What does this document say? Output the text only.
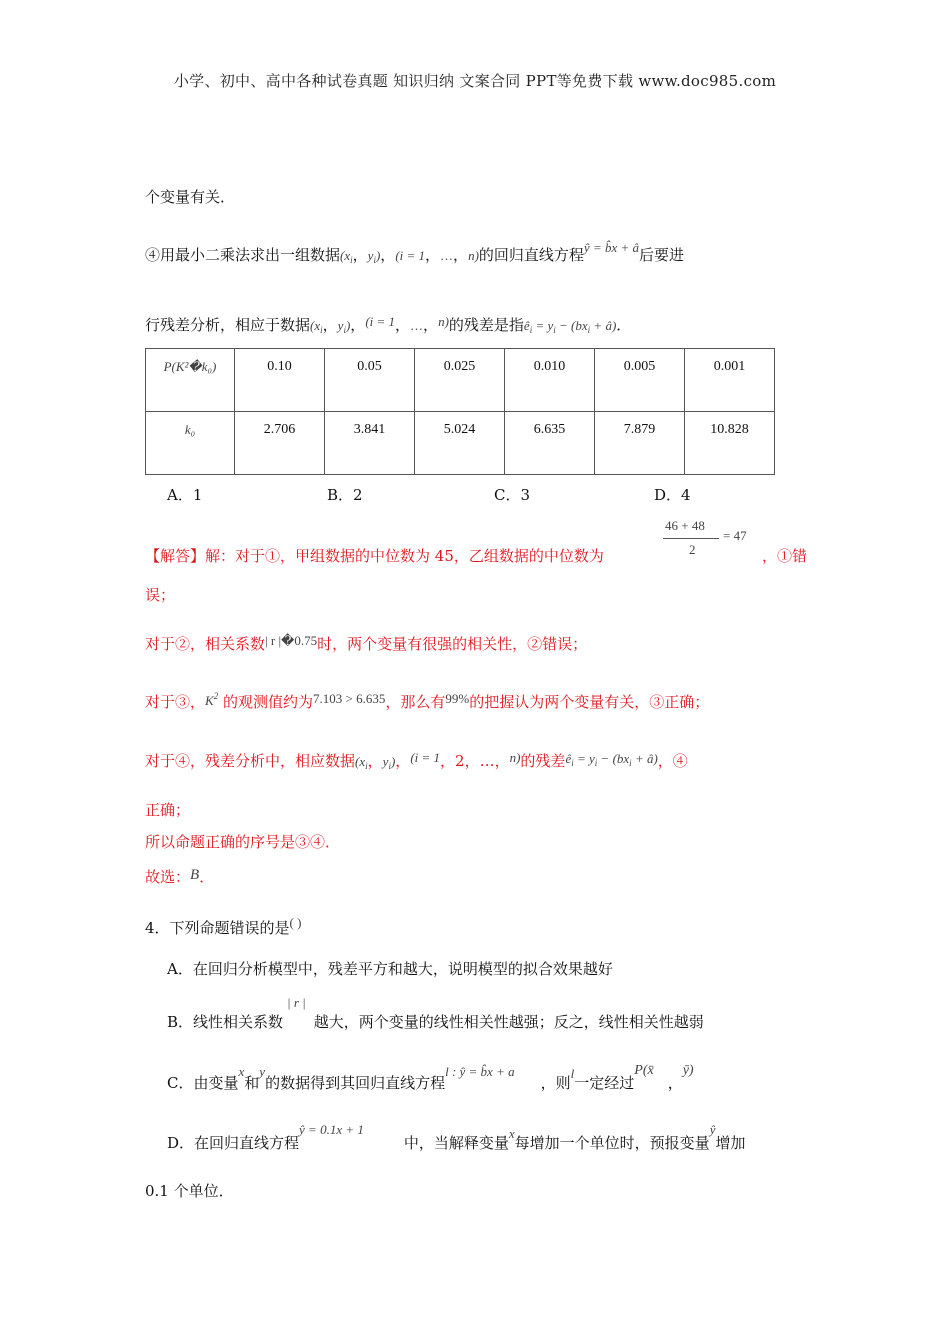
小学、初中、高中各种试卷真题 知识归纳 文案合同 PPT等免费下载 www.doc985.com
个变量有关．
④用最小二乘法求出一组数据($x_i$，$y_i$)，(i = 1，…，n)的回归直线方程ŷ = b̂x + â后要进
行残差分析，相应于数据($x_i$，$y_i$)，(i = 1，…，n)的残差是指$ê_i = y_i - (bx_i$ + â)．
P(K²�k₀)	0.10	0.05	0.025	0.010	0.005	0.001
k₀	2.706	3.841	5.024	6.635	7.879	10.828
A．1	B．2	C．3	D．4
【解答】解：对于①，甲组数据的中位数为 45，乙组数据的中位数为
46 + 48
2
= 47
，①错
误；
对于②，相关系数| r |�0.75时，两个变量有很强的相关性，②错误；
对于③，$K^2$ 的观测值约为7.103 > 6.635，那么有99%的把握认为两个变量有关，③正确；
对于④，残差分析中，相应数据($x_i$，$y_i$)，(i = 1，2，…，n)的残差$ê_i = y_i - (bx_i$ + â)，④
正确；
所以命题正确的序号是③④．
故选：B．
4．下列命题错误的是( )
A．在回归分析模型中，残差平方和越大，说明模型的拟合效果越好
B．线性相关系数| r |越大，两个变量的线性相关性越强；反之，线性相关性越弱
C．由变量x和y的数据得到其回归直线方程l : ŷ = b̂x + a，则l一定经过P(x̄，ȳ)
D．在回归直线方程ŷ = 0.1x + 1中，当解释变量x每增加一个单位时，预报变量ŷ增加
0.1 个单位．
